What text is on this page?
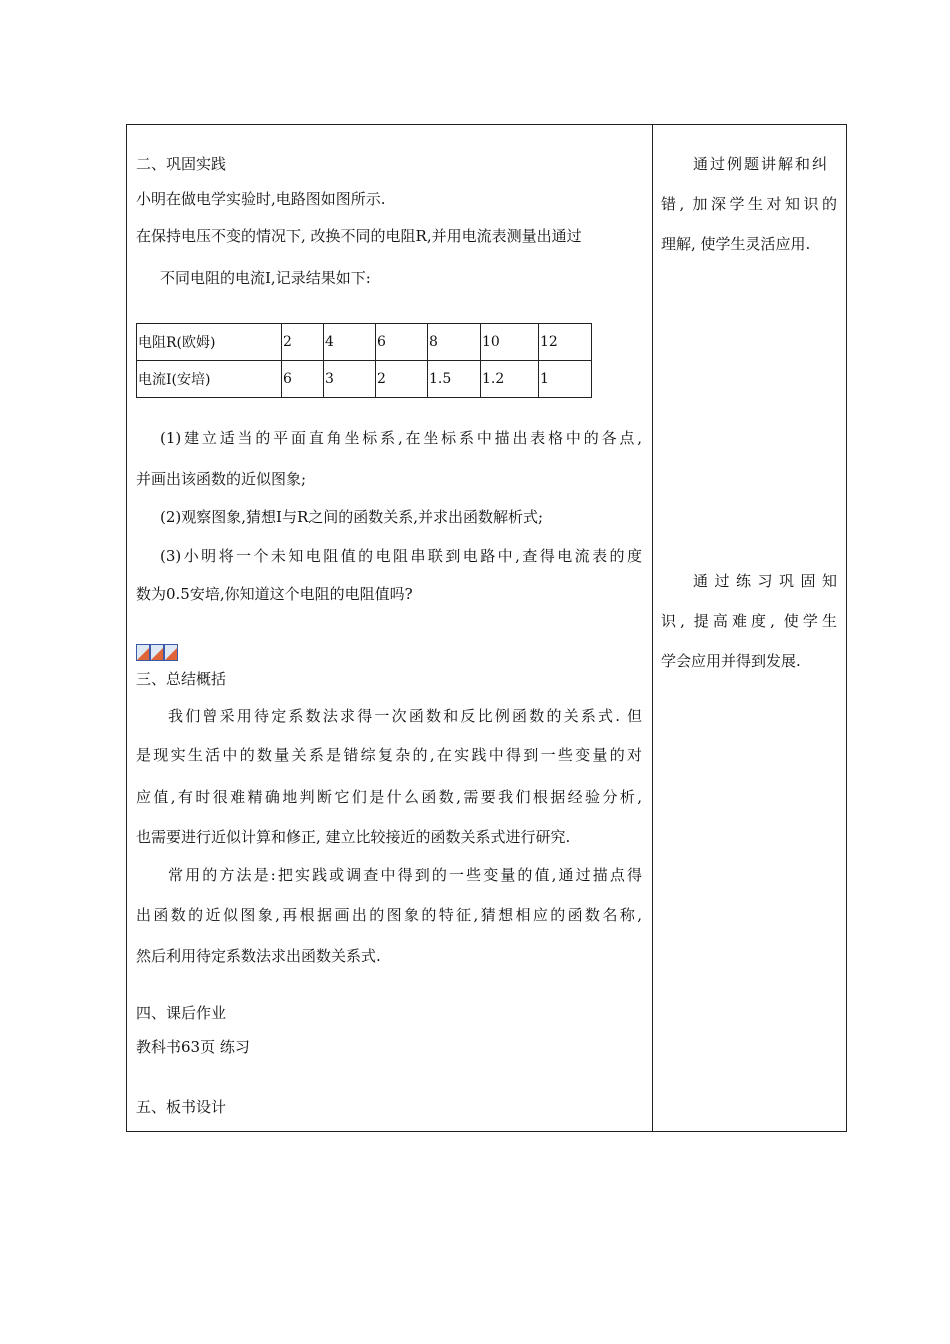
二、巩固实践
小明在做电学实验时,电路图如图所示.
在保持电压不变的情况下, 改换不同的电阻R,并用电流表测量出通过
不同电阻的电流I,记录结果如下:
电阻R(欧姆)	2	4	6	8	10	12
电流I(安培)	6	3	2	1.5	1.2	1
(1)建立适当的平面直角坐标系,在坐标系中描出表格中的各点,
并画出该函数的近似图象;
(2)观察图象,猜想I与R之间的函数关系,并求出函数解析式;
(3)小明将一个未知电阻值的电阻串联到电路中,查得电流表的度
数为0.5安培,你知道这个电阻的电阻值吗?
三、总结概括
我们曾采用待定系数法求得一次函数和反比例函数的关系式. 但
是现实生活中的数量关系是错综复杂的,在实践中得到一些变量的对
应值,有时很难精确地判断它们是什么函数,需要我们根据经验分析,
也需要进行近似计算和修正, 建立比较接近的函数关系式进行研究.
常用的方法是:把实践或调查中得到的一些变量的值,通过描点得
出函数的近似图象,再根据画出的图象的特征,猜想相应的函数名称,
然后利用待定系数法求出函数关系式.
四、课后作业
教科书63页 练习
五、板书设计
通过例题讲解和纠
错, 加深学生对知识的
理解, 使学生灵活应用.
通过练习巩固知
识, 提高难度, 使学生
学会应用并得到发展.
